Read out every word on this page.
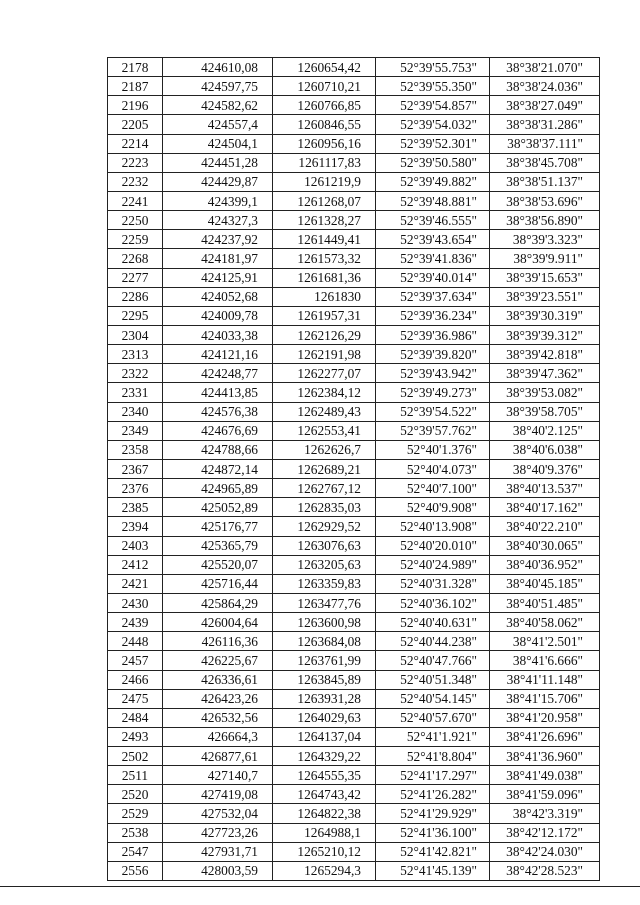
2178	424610,08	1260654,42	52°39'55.753"	38°38'21.070"
2187	424597,75	1260710,21	52°39'55.350"	38°38'24.036"
2196	424582,62	1260766,85	52°39'54.857"	38°38'27.049"
2205	424557,4	1260846,55	52°39'54.032"	38°38'31.286"
2214	424504,1	1260956,16	52°39'52.301"	38°38'37.111"
2223	424451,28	1261117,83	52°39'50.580"	38°38'45.708"
2232	424429,87	1261219,9	52°39'49.882"	38°38'51.137"
2241	424399,1	1261268,07	52°39'48.881"	38°38'53.696"
2250	424327,3	1261328,27	52°39'46.555"	38°38'56.890"
2259	424237,92	1261449,41	52°39'43.654"	38°39'3.323"
2268	424181,97	1261573,32	52°39'41.836"	38°39'9.911"
2277	424125,91	1261681,36	52°39'40.014"	38°39'15.653"
2286	424052,68	1261830	52°39'37.634"	38°39'23.551"
2295	424009,78	1261957,31	52°39'36.234"	38°39'30.319"
2304	424033,38	1262126,29	52°39'36.986"	38°39'39.312"
2313	424121,16	1262191,98	52°39'39.820"	38°39'42.818"
2322	424248,77	1262277,07	52°39'43.942"	38°39'47.362"
2331	424413,85	1262384,12	52°39'49.273"	38°39'53.082"
2340	424576,38	1262489,43	52°39'54.522"	38°39'58.705"
2349	424676,69	1262553,41	52°39'57.762"	38°40'2.125"
2358	424788,66	1262626,7	52°40'1.376"	38°40'6.038"
2367	424872,14	1262689,21	52°40'4.073"	38°40'9.376"
2376	424965,89	1262767,12	52°40'7.100"	38°40'13.537"
2385	425052,89	1262835,03	52°40'9.908"	38°40'17.162"
2394	425176,77	1262929,52	52°40'13.908"	38°40'22.210"
2403	425365,79	1263076,63	52°40'20.010"	38°40'30.065"
2412	425520,07	1263205,63	52°40'24.989"	38°40'36.952"
2421	425716,44	1263359,83	52°40'31.328"	38°40'45.185"
2430	425864,29	1263477,76	52°40'36.102"	38°40'51.485"
2439	426004,64	1263600,98	52°40'40.631"	38°40'58.062"
2448	426116,36	1263684,08	52°40'44.238"	38°41'2.501"
2457	426225,67	1263761,99	52°40'47.766"	38°41'6.666"
2466	426336,61	1263845,89	52°40'51.348"	38°41'11.148"
2475	426423,26	1263931,28	52°40'54.145"	38°41'15.706"
2484	426532,56	1264029,63	52°40'57.670"	38°41'20.958"
2493	426664,3	1264137,04	52°41'1.921"	38°41'26.696"
2502	426877,61	1264329,22	52°41'8.804"	38°41'36.960"
2511	427140,7	1264555,35	52°41'17.297"	38°41'49.038"
2520	427419,08	1264743,42	52°41'26.282"	38°41'59.096"
2529	427532,04	1264822,38	52°41'29.929"	38°42'3.319"
2538	427723,26	1264988,1	52°41'36.100"	38°42'12.172"
2547	427931,71	1265210,12	52°41'42.821"	38°42'24.030"
2556	428003,59	1265294,3	52°41'45.139"	38°42'28.523"
